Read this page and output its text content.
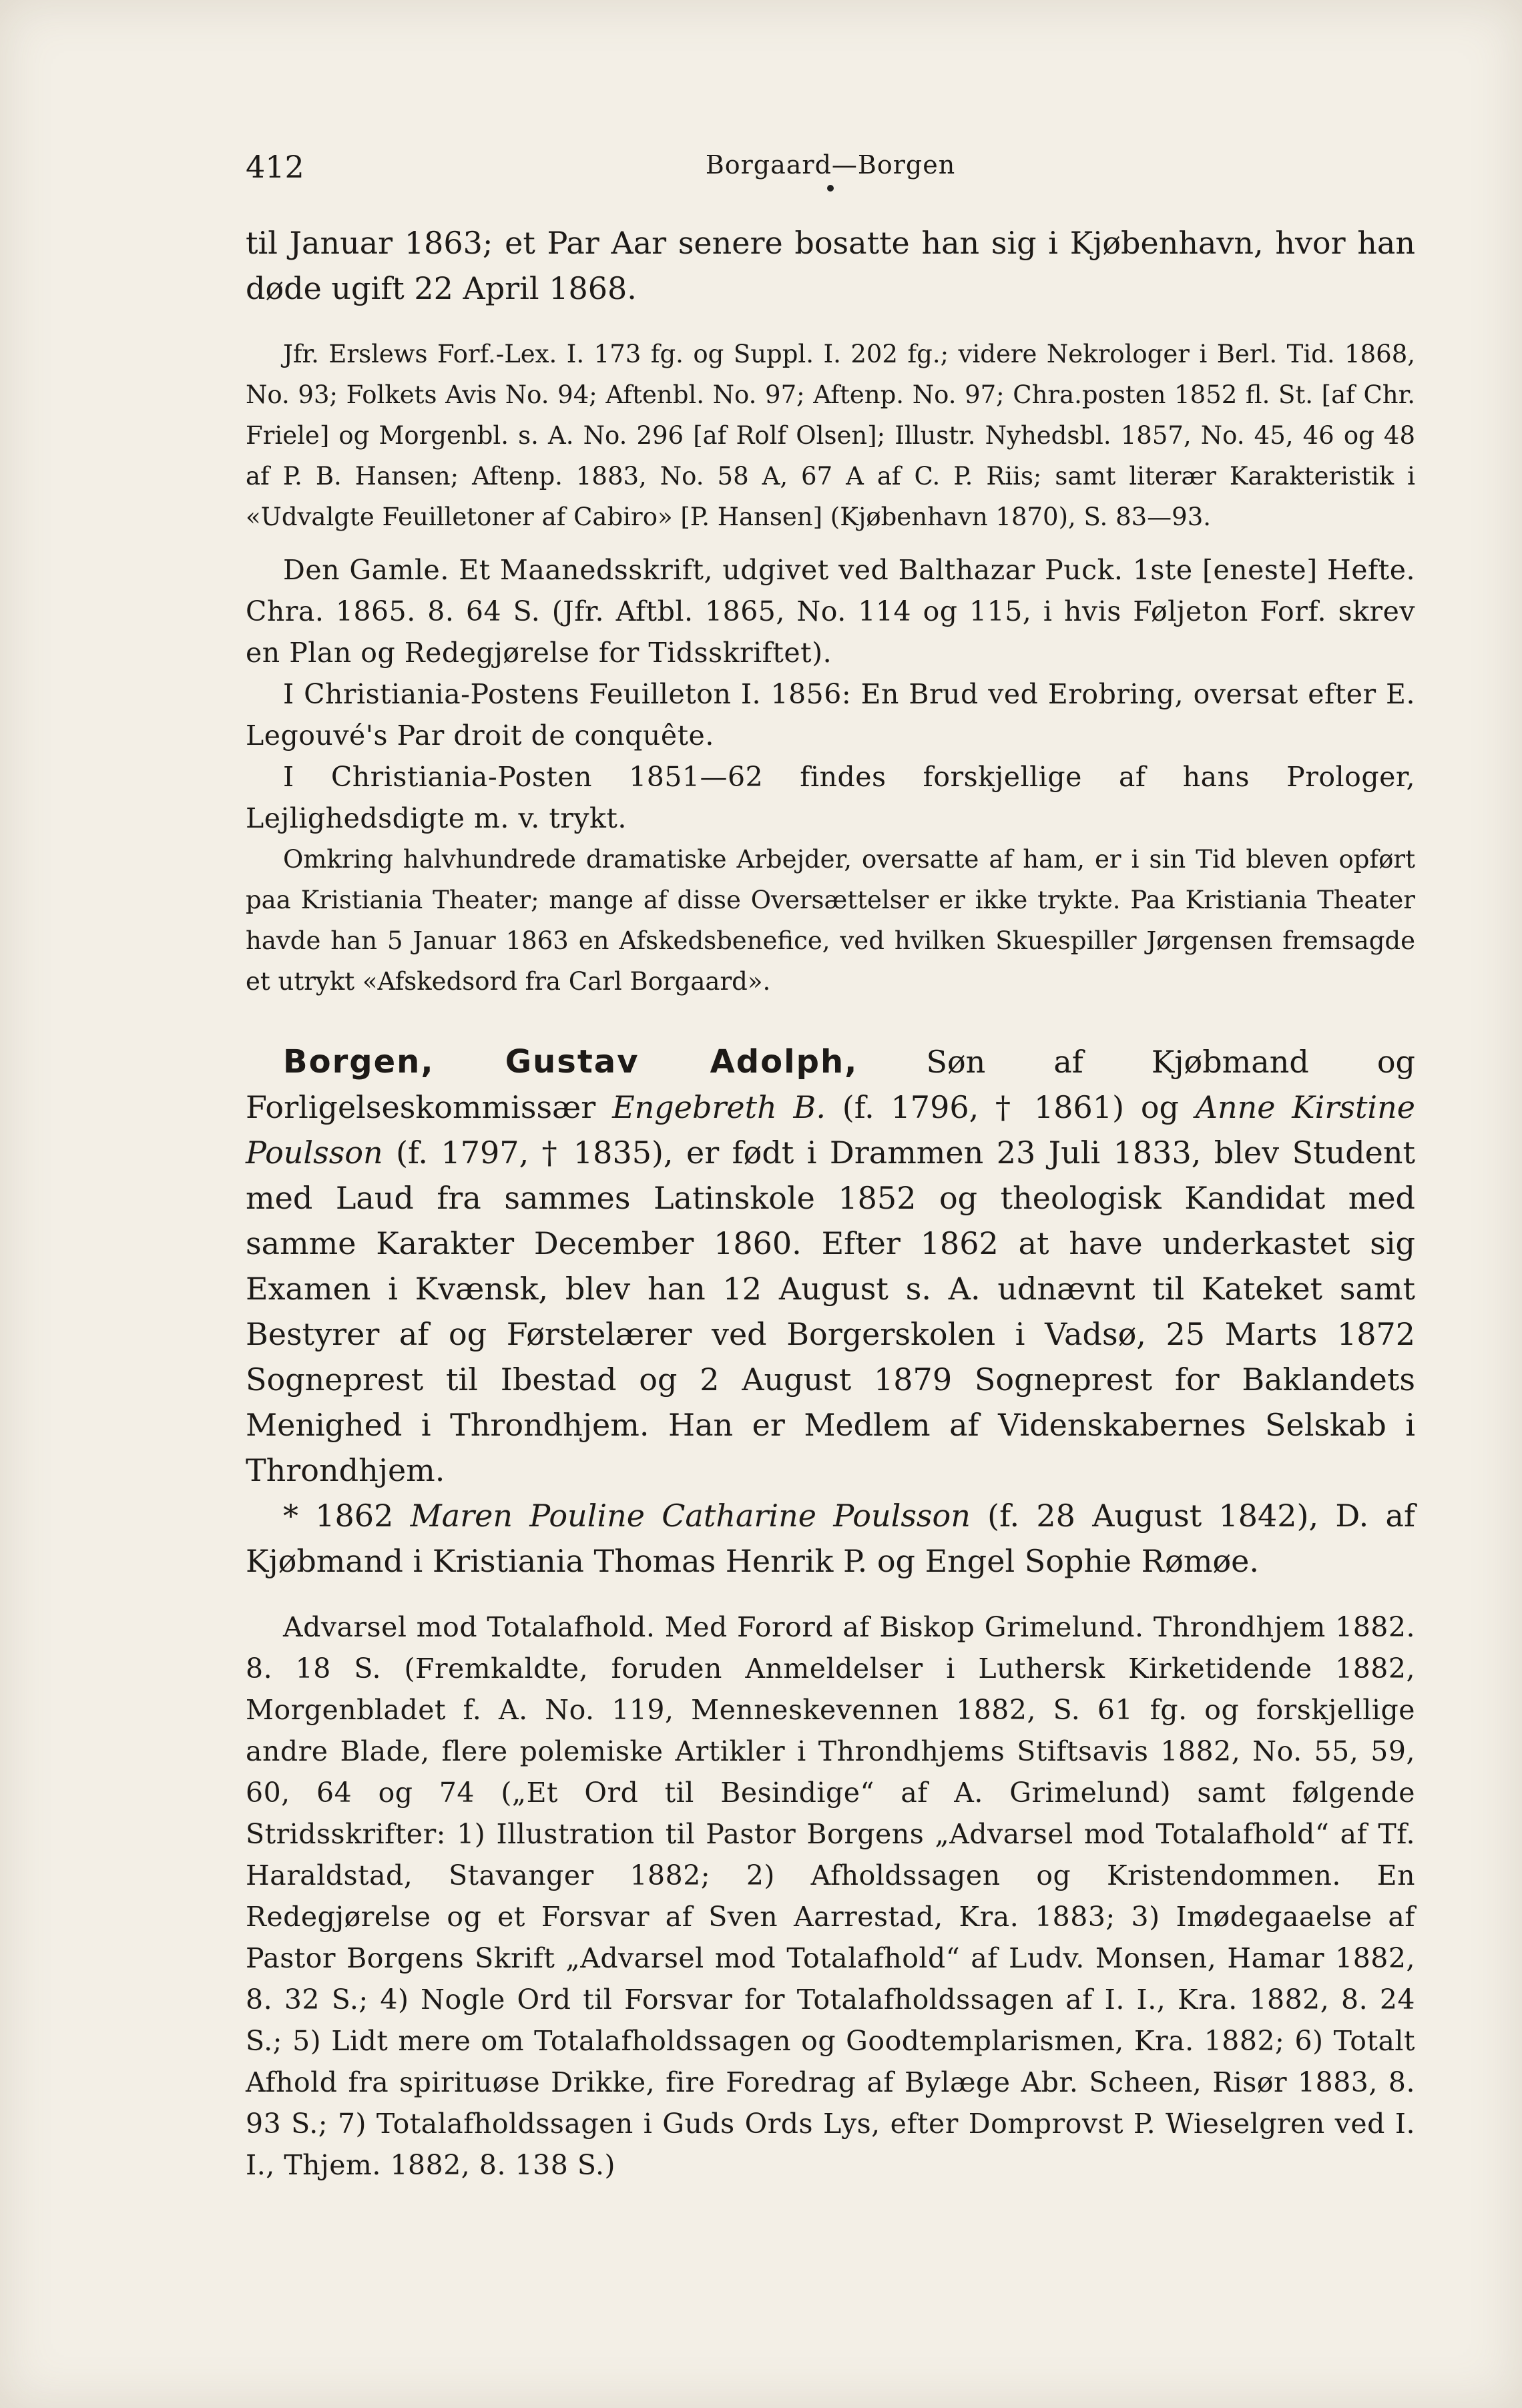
412	Borgaard—Borgen

til Januar 1863; et Par Aar senere bosatte han sig i Kjøbenhavn, hvor han døde ugift 22 April 1868.

Jfr. Erslews Forf.-Lex. I. 173 fg. og Suppl. I. 202 fg.; videre Nekrologer i Berl. Tid. 1868, No. 93; Folkets Avis No. 94; Aftenbl. No. 97; Aftenp. No. 97; Chra.posten 1852 fl. St. [af Chr. Friele] og Morgenbl. s. A. No. 296 [af Rolf Olsen]; Illustr. Nyhedsbl. 1857, No. 45, 46 og 48 af P. B. Hansen; Aftenp. 1883, No. 58 A, 67 A af C. P. Riis; samt literær Karakteristik i «Udvalgte Feuilletoner af Cabiro» [P. Hansen] (Kjøbenhavn 1870), S. 83—93.

Den Gamle. Et Maanedsskrift, udgivet ved Balthazar Puck. 1ste [eneste] Hefte. Chra. 1865. 8. 64 S. (Jfr. Aftbl. 1865, No. 114 og 115, i hvis Føljeton Forf. skrev en Plan og Redegjørelse for Tidsskriftet).

I Christiania-Postens Feuilleton I. 1856: En Brud ved Erobring, oversat efter E. Legouvé's Par droit de conquête.

I Christiania-Posten 1851—62 findes forskjellige af hans Prologer, Lejlighedsdigte m. v. trykt.

Omkring halvhundrede dramatiske Arbejder, oversatte af ham, er i sin Tid bleven opført paa Kristiania Theater; mange af disse Oversættelser er ikke trykte. Paa Kristiania Theater havde han 5 Januar 1863 en Afskedsbenefice, ved hvilken Skuespiller Jørgensen fremsagde et utrykt «Afskedsord fra Carl Borgaard».

Borgen, Gustav Adolph, Søn af Kjøbmand og Forligelseskommissær Engebreth B. (f. 1796, † 1861) og Anne Kirstine Poulsson (f. 1797, † 1835), er født i Drammen 23 Juli 1833, blev Student med Laud fra sammes Latinskole 1852 og theologisk Kandidat med samme Karakter December 1860. Efter 1862 at have underkastet sig Examen i Kvænsk, blev han 12 August s. A. udnævnt til Kateket samt Bestyrer af og Førstelærer ved Borgerskolen i Vadsø, 25 Marts 1872 Sogneprest til Ibestad og 2 August 1879 Sogneprest for Baklandets Menighed i Throndhjem. Han er Medlem af Videnskabernes Selskab i Throndhjem.

* 1862 Maren Pouline Catharine Poulsson (f. 28 August 1842), D. af Kjøbmand i Kristiania Thomas Henrik P. og Engel Sophie Rømøe.

Advarsel mod Totalafhold. Med Forord af Biskop Grimelund. Throndhjem 1882. 8. 18 S. (Fremkaldte, foruden Anmeldelser i Luthersk Kirketidende 1882, Morgenbladet f. A. No. 119, Menneskevennen 1882, S. 61 fg. og forskjellige andre Blade, flere polemiske Artikler i Throndhjems Stiftsavis 1882, No. 55, 59, 60, 64 og 74 („Et Ord til Besindige“ af A. Grimelund) samt følgende Stridsskrifter: 1) Illustration til Pastor Borgens „Advarsel mod Totalafhold“ af Tf. Haraldstad, Stavanger 1882; 2) Afholdssagen og Kristendommen. En Redegjørelse og et Forsvar af Sven Aarrestad, Kra. 1883; 3) Imødegaaelse af Pastor Borgens Skrift „Advarsel mod Totalafhold“ af Ludv. Monsen, Hamar 1882, 8. 32 S.; 4) Nogle Ord til Forsvar for Totalafholdssagen af I. I., Kra. 1882, 8. 24 S.; 5) Lidt mere om Totalafholdssagen og Goodtemplarismen, Kra. 1882; 6) Totalt Afhold fra spirituøse Drikke, fire Foredrag af Bylæge Abr. Scheen, Risør 1883, 8. 93 S.; 7) Totalafholdssagen i Guds Ords Lys, efter Domprovst P. Wieselgren ved I. I., Thjem. 1882, 8. 138 S.)
